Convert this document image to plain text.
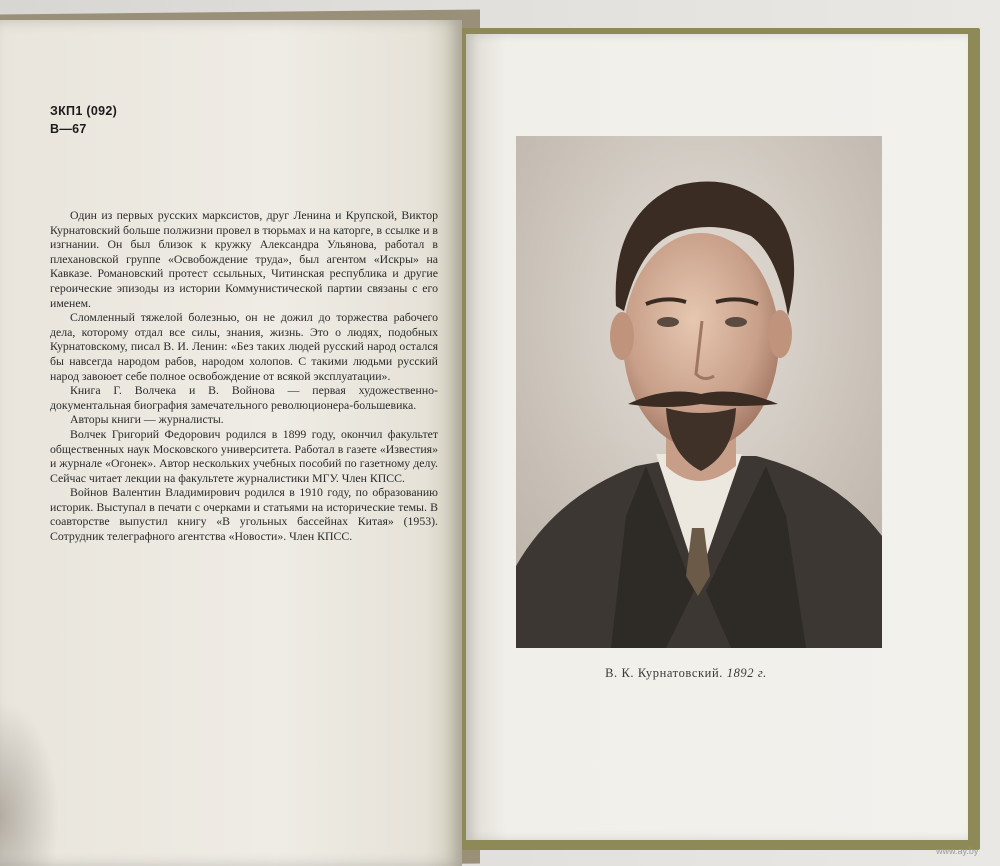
ЗКП1 (092)
В—67

Один из первых русских марксистов, друг Ленина и Крупской, Виктор Курнатовский больше полжизни провел в тюрьмах и на каторге, в ссылке и в изгнании. Он был близок к кружку Александра Ульянова, работал в плехановской группе «Освобождение труда», был агентом «Искры» на Кавказе. Романовский протест ссыльных, Читинская республика и другие героические эпизоды из истории Коммунистической партии связаны с его именем.

Сломленный тяжелой болезнью, он не дожил до торжества рабочего дела, которому отдал все силы, знания, жизнь. Это о людях, подобных Курнатовскому, писал В. И. Ленин: «Без таких людей русский народ остался бы навсегда народом рабов, народом холопов. С такими людьми русский народ завоюет себе полное освобождение от всякой эксплуатации».

Книга Г. Волчека и В. Войнова — первая художественно-документальная биография замечательного революционера-большевика.

Авторы книги — журналисты.

Волчек Григорий Федорович родился в 1899 году, окончил факультет общественных наук Московского университета. Работал в газете «Известия» и журнале «Огонек». Автор нескольких учебных пособий по газетному делу. Сейчас читает лекции на факультете журналистики МГУ. Член КПСС.

Войнов Валентин Владимирович родился в 1910 году, по образованию историк. Выступал в печати с очерками и статьями на исторические темы. В соавторстве выпустил книгу «В угольных бассейнах Китая» (1953). Сотрудник телеграфного агентства «Новости». Член КПСС.

В. К. Курнатовский. 1892 г.
www.ay.by
